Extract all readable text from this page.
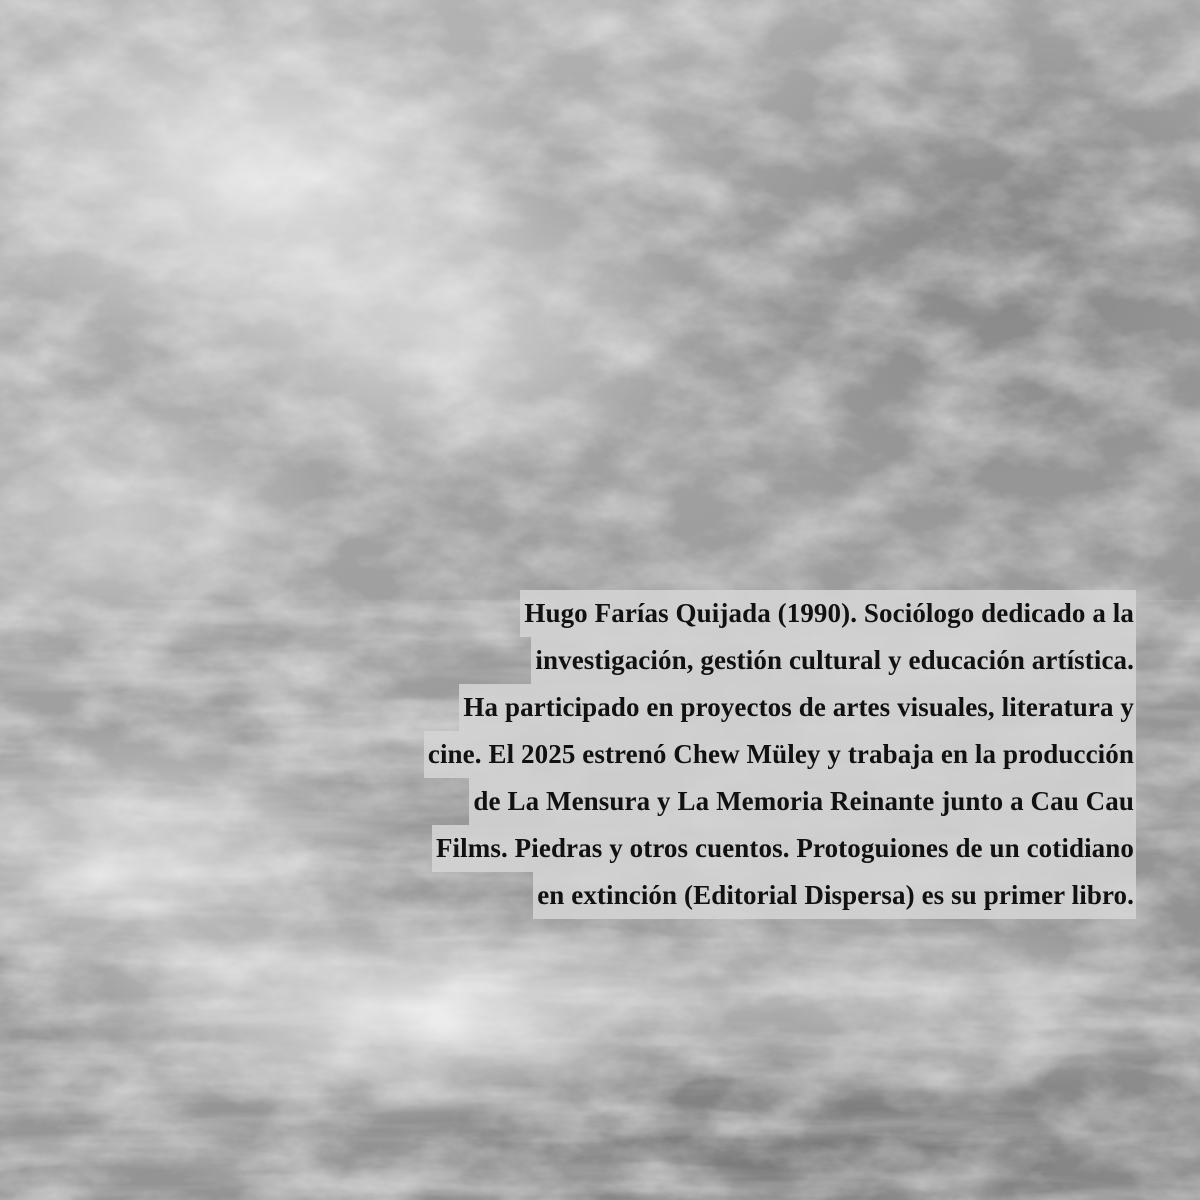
Hugo Farías Quijada (1990). Sociólogo dedicado a la
investigación, gestión cultural y educación artística.
Ha participado en proyectos de artes visuales, literatura y
cine. El 2025 estrenó Chew Müley y trabaja en la producción
de La Mensura y La Memoria Reinante junto a Cau Cau
Films. Piedras y otros cuentos. Protoguiones de un cotidiano
en extinción (Editorial Dispersa) es su primer libro.
